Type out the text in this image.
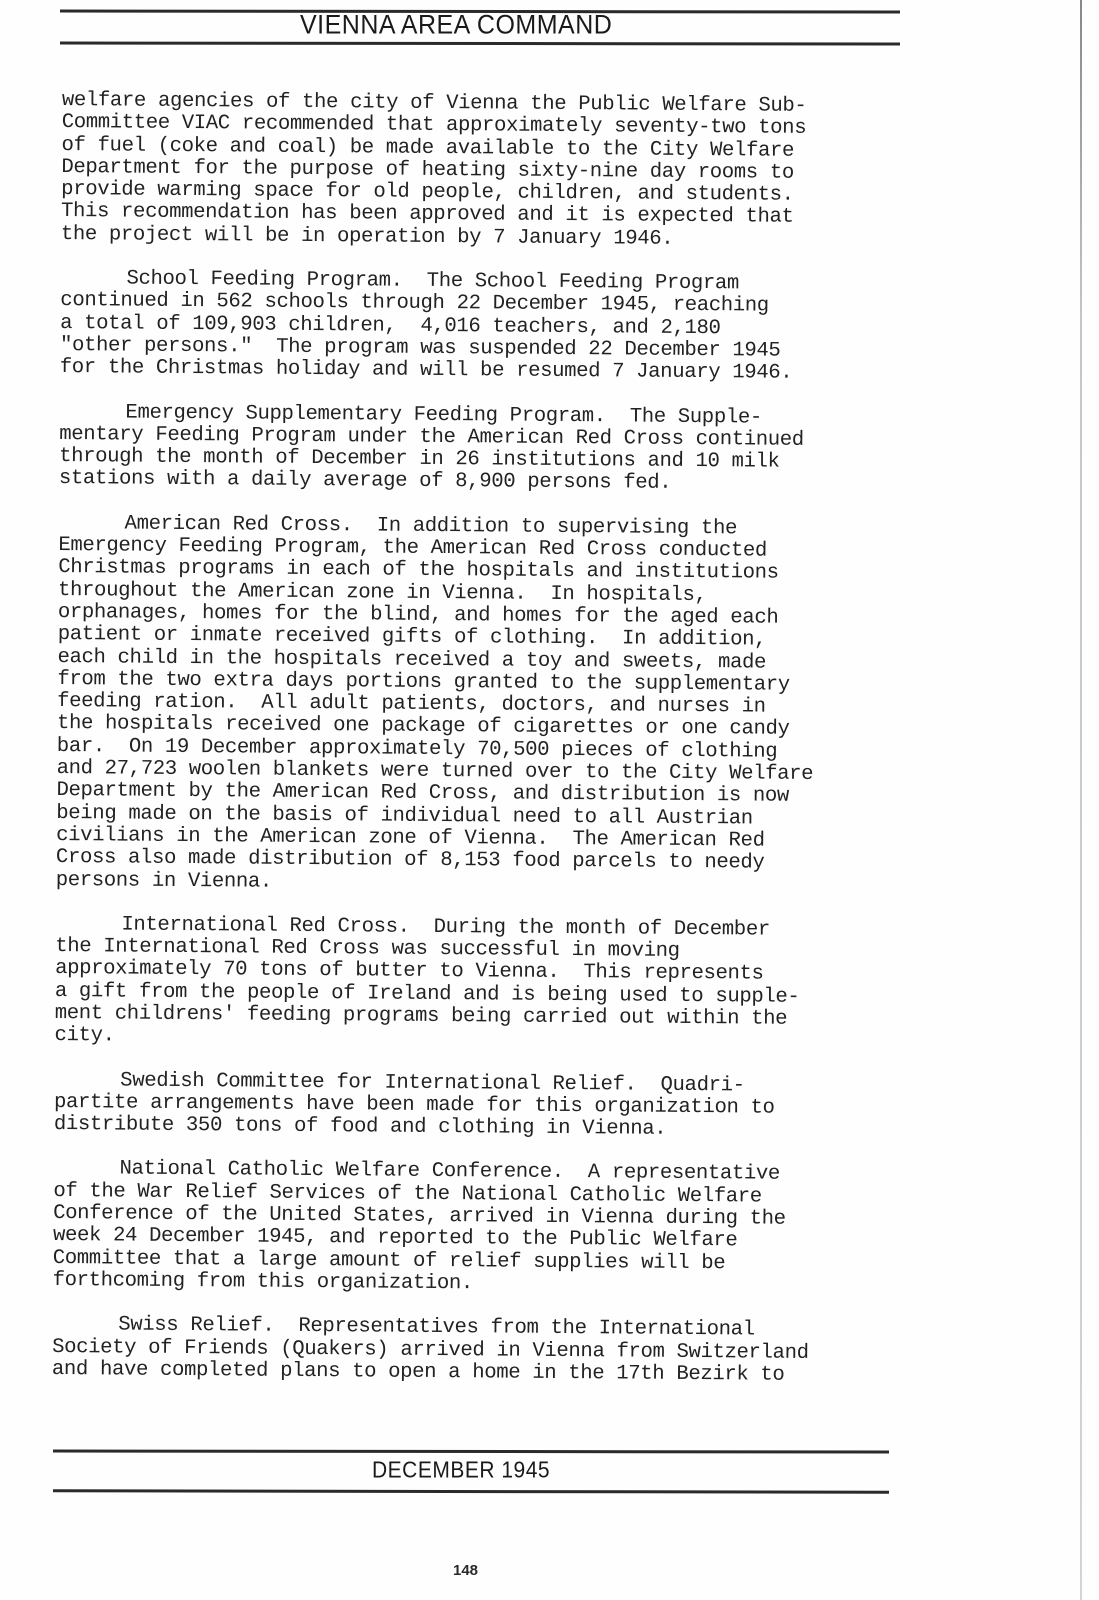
VIENNA AREA COMMAND
welfare agencies of the city of Vienna the Public Welfare Sub-
Committee VIAC recommended that approximately seventy-two tons
of fuel (coke and coal) be made available to the City Welfare
Department for the purpose of heating sixty-nine day rooms to
provide warming space for old people, children, and students.
This recommendation has been approved and it is expected that
the project will be in operation by 7 January 1946.
School Feeding Program.  The School Feeding Program
continued in 562 schools through 22 December 1945, reaching
a total of 109,903 children,  4,016 teachers, and 2,180
"other persons."  The program was suspended 22 December 1945
for the Christmas holiday and will be resumed 7 January 1946.
Emergency Supplementary Feeding Program.  The Supple-
mentary Feeding Program under the American Red Cross continued
through the month of December in 26 institutions and 10 milk
stations with a daily average of 8,900 persons fed.
American Red Cross.  In addition to supervising the
Emergency Feeding Program, the American Red Cross conducted
Christmas programs in each of the hospitals and institutions
throughout the American zone in Vienna.  In hospitals,
orphanages, homes for the blind, and homes for the aged each
patient or inmate received gifts of clothing.  In addition,
each child in the hospitals received a toy and sweets, made
from the two extra days portions granted to the supplementary
feeding ration.  All adult patients, doctors, and nurses in
the hospitals received one package of cigarettes or one candy
bar.  On 19 December approximately 70,500 pieces of clothing
and 27,723 woolen blankets were turned over to the City Welfare
Department by the American Red Cross, and distribution is now
being made on the basis of individual need to all Austrian
civilians in the American zone of Vienna.  The American Red
Cross also made distribution of 8,153 food parcels to needy
persons in Vienna.
International Red Cross.  During the month of December
the International Red Cross was successful in moving
approximately 70 tons of butter to Vienna.  This represents
a gift from the people of Ireland and is being used to supple-
ment childrens' feeding programs being carried out within the
city.
Swedish Committee for International Relief.  Quadri-
partite arrangements have been made for this organization to
distribute 350 tons of food and clothing in Vienna.
National Catholic Welfare Conference.  A representative
of the War Relief Services of the National Catholic Welfare
Conference of the United States, arrived in Vienna during the
week 24 December 1945, and reported to the Public Welfare
Committee that a large amount of relief supplies will be
forthcoming from this organization.
Swiss Relief.  Representatives from the International
Society of Friends (Quakers) arrived in Vienna from Switzerland
and have completed plans to open a home in the 17th Bezirk to
DECEMBER 1945
148
